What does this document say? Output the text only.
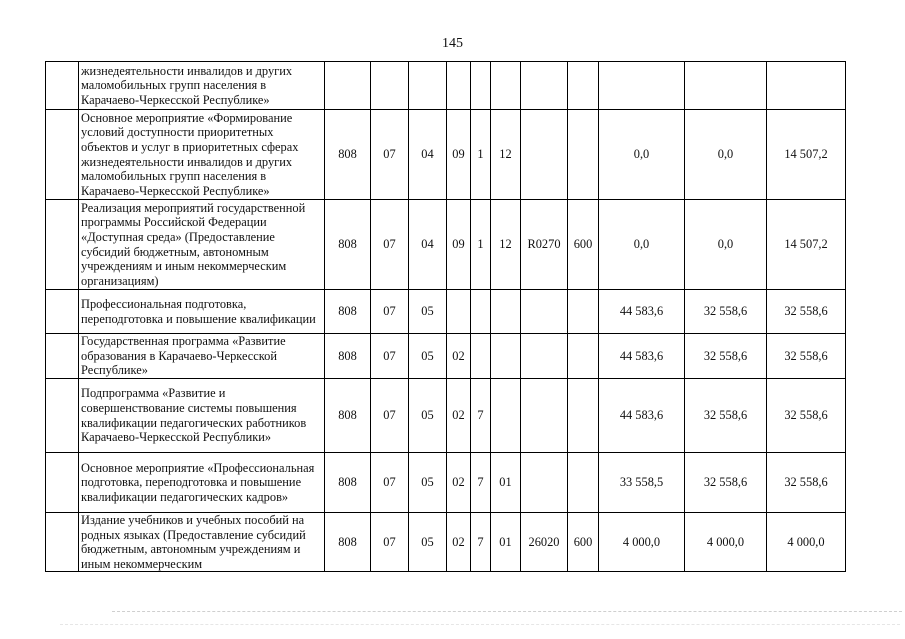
145
	жизнедеятельности инвалидов и других маломобильных групп населения в Карачаево-Черкесской Республике»											
	Основное мероприятие «Формирование условий доступности приоритетных объектов и услуг в приоритетных сферах жизнедеятельности инвалидов и других маломобильных групп населения в Карачаево-Черкесской Республике»	808	07	04	09	1	12			0,0	0,0	14 507,2
	Реализация мероприятий государственной программы Российской Федерации «Доступная среда» (Предоставление субсидий бюджетным, автономным учреждениям и иным некоммерческим организациям)	808	07	04	09	1	12	R0270	600	0,0	0,0	14 507,2
	Профессиональная подготовка, переподготовка и повышение квалификации	808	07	05						44 583,6	32 558,6	32 558,6
	Государственная программа «Развитие образования в Карачаево-Черкесской Республике»	808	07	05	02					44 583,6	32 558,6	32 558,6
	Подпрограмма «Развитие и совершенствование системы повышения квалификации педагогических работников Карачаево-Черкесской Республики»	808	07	05	02	7				44 583,6	32 558,6	32 558,6
	Основное мероприятие «Профессиональная подготовка, переподготовка и повышение квалификации педагогических кадров»	808	07	05	02	7	01			33 558,5	32 558,6	32 558,6
	Издание учебников и учебных пособий на родных языках (Предоставление субсидий бюджетным, автономным учреждениям и иным некоммерческим	808	07	05	02	7	01	26020	600	4 000,0	4 000,0	4 000,0
